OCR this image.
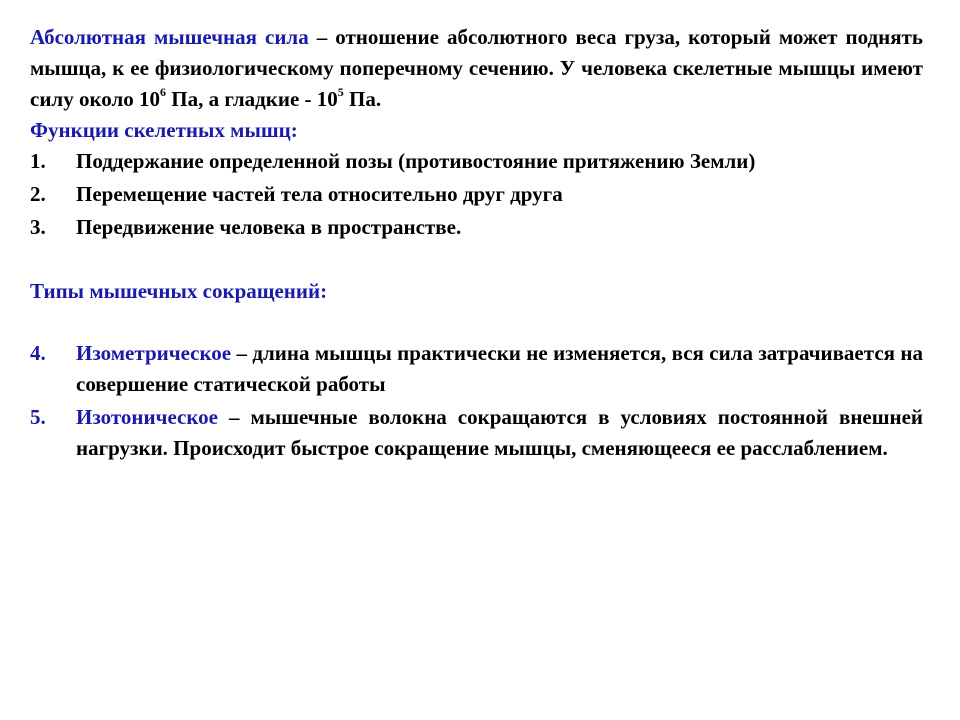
Абсолютная мышечная сила – отношение абсолютного веса груза, который может поднять мышца, к ее физиологическому поперечному сечению. У человека скелетные мышцы имеют силу около $10^6$ Па, а гладкие - $10^5$ Па.

Функции скелетных мышц:

1.	Поддержание определенной позы (противостояние притяжению Земли)
2.	Перемещение частей тела относительно друг друга
3.	Передвижение человека в пространстве.

Типы мышечных сокращений:

4.	Изометрическое – длина мышцы практически не изменяется, вся сила затрачивается на совершение статической работы
5.	Изотоническое – мышечные волокна сокращаются в условиях постоянной внешней нагрузки. Происходит быстрое сокращение мышцы, сменяющееся ее расслаблением.
